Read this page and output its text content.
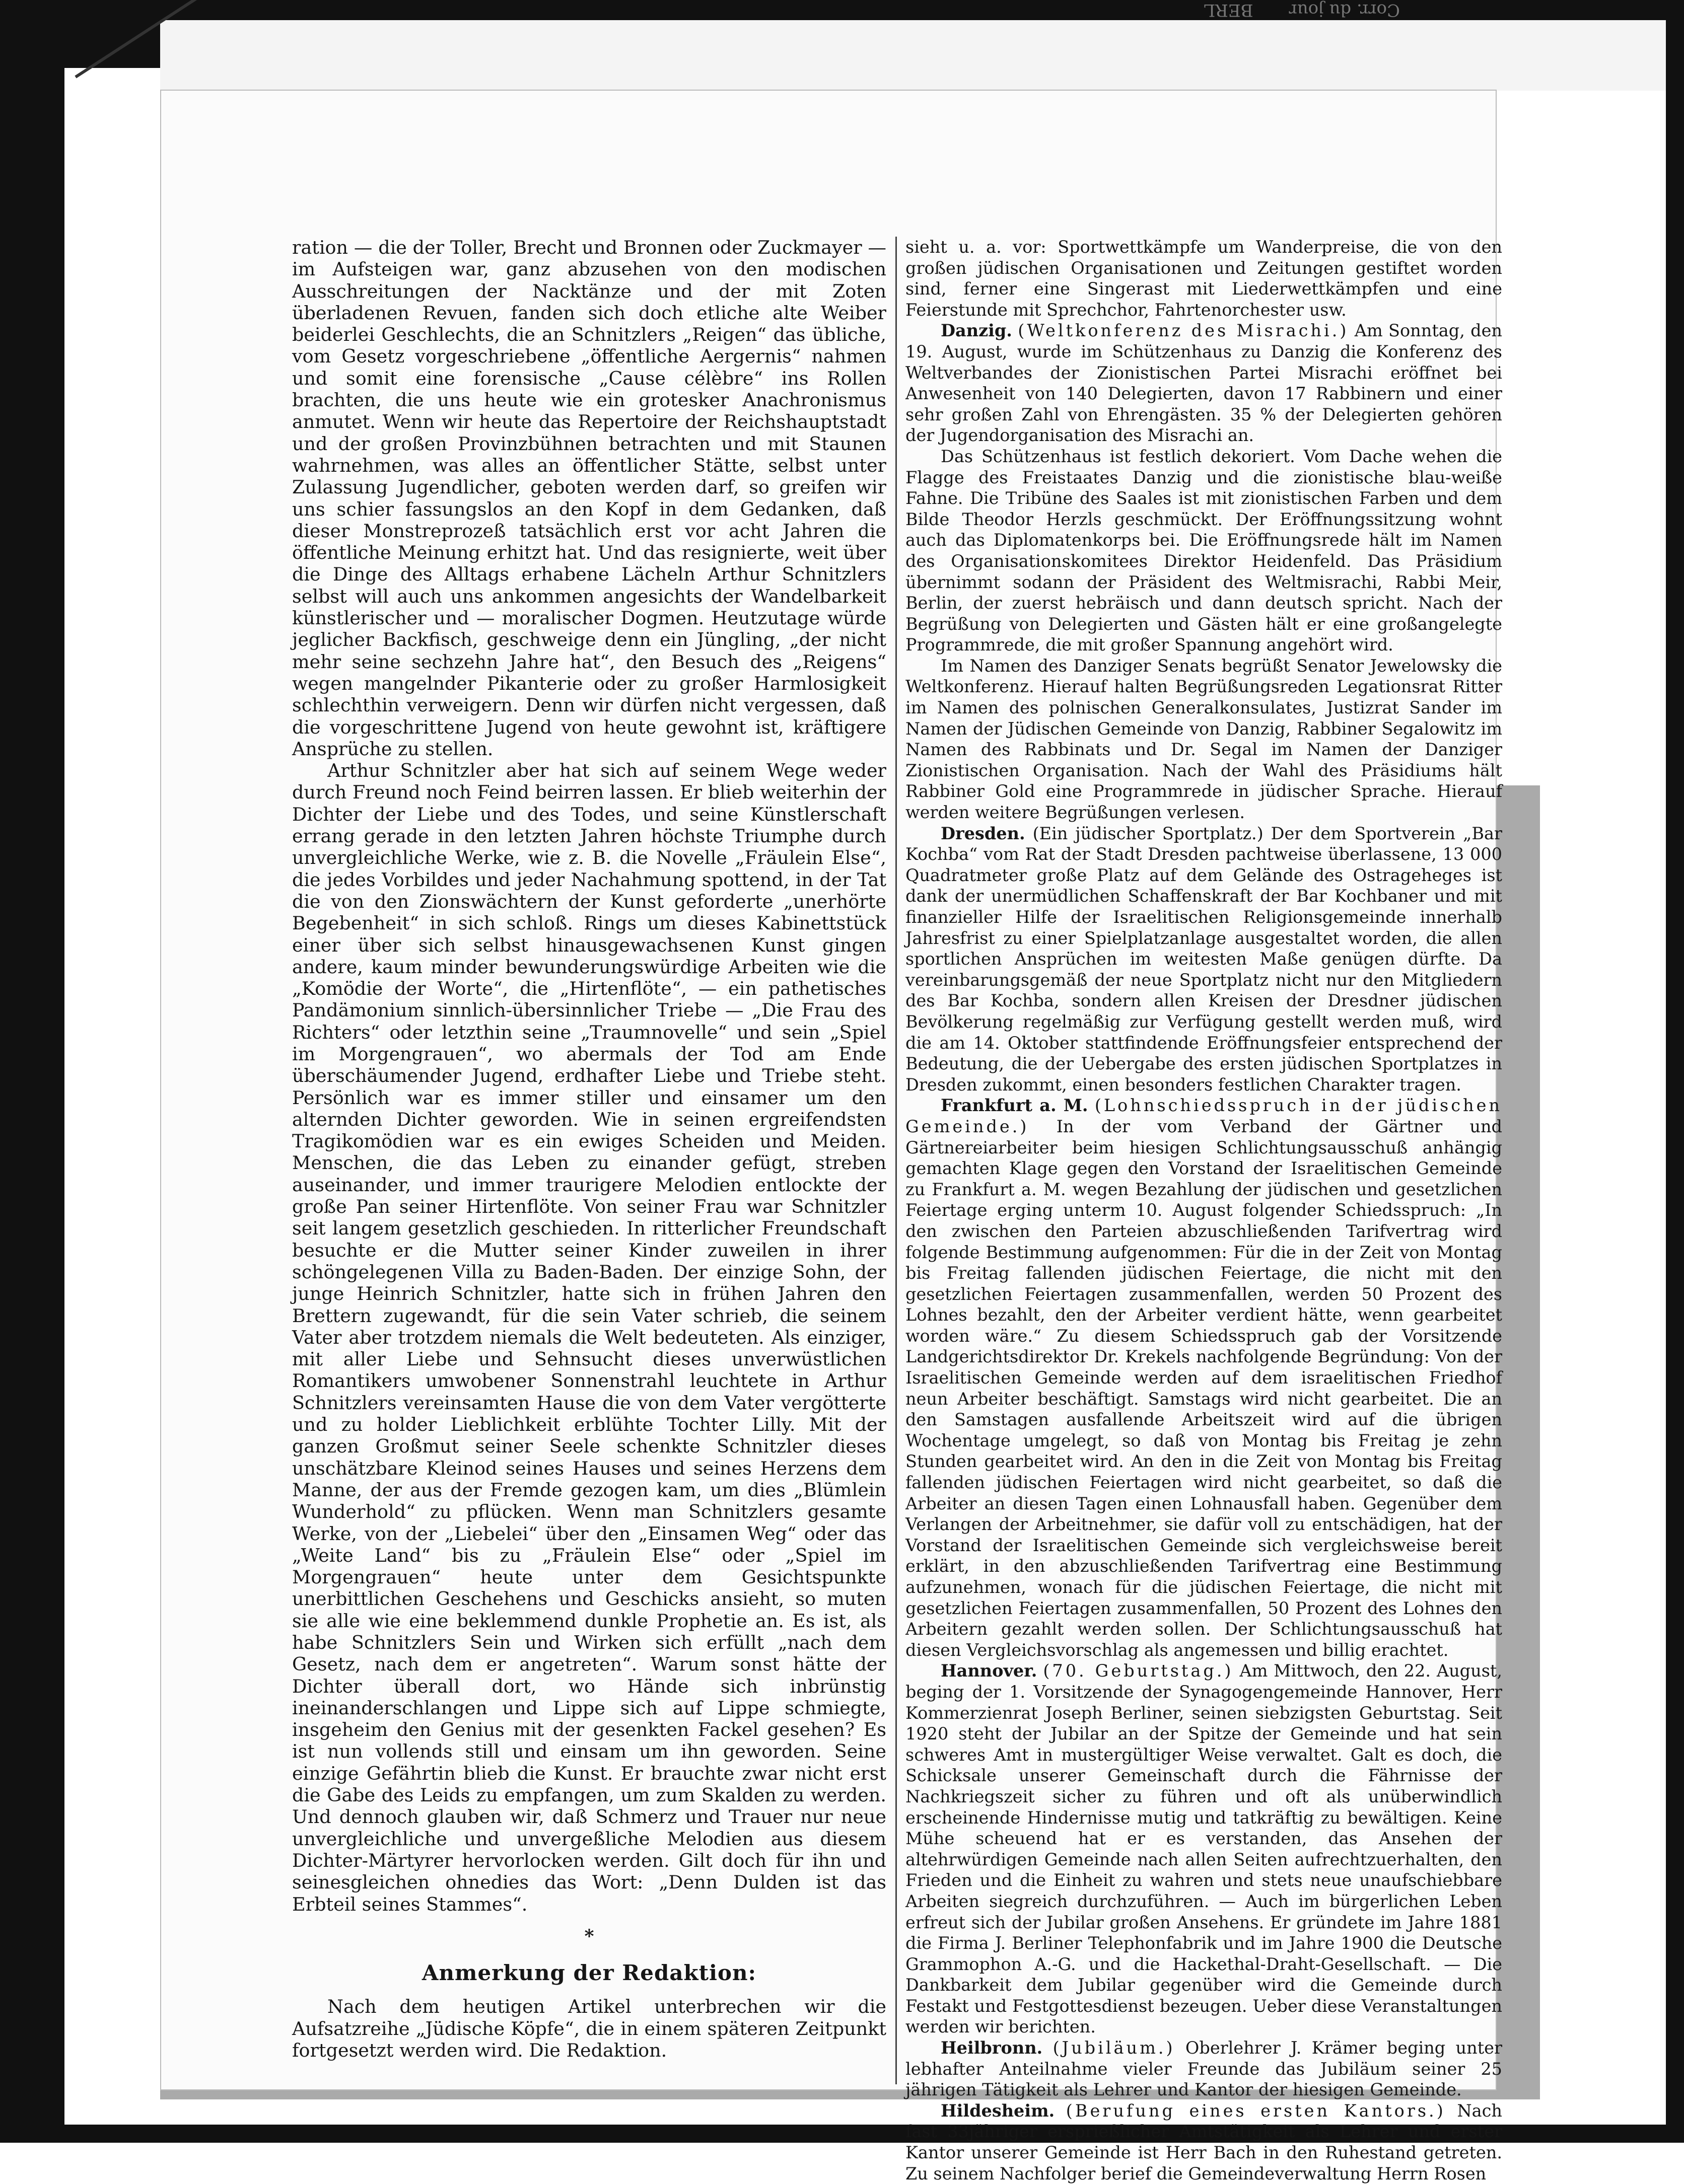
Corr. du jour BERL

ration — die der Toller, Brecht und Bronnen oder Zuckmayer — im Aufsteigen war, ganz abzusehen von den modischen Ausschreitungen der Nacktänze und der mit Zoten überladenen Revuen, fanden sich doch etliche alte Weiber beiderlei Geschlechts, die an Schnitzlers „Reigen“ das übliche, vom Gesetz vorgeschriebene „öffentliche Aergernis“ nahmen und somit eine forensische „Cause célèbre“ ins Rollen brachten, die uns heute wie ein grotesker Anachronismus anmutet. Wenn wir heute das Repertoire der Reichshauptstadt und der großen Provinzbühnen betrachten und mit Staunen wahrnehmen, was alles an öffentlicher Stätte, selbst unter Zulassung Jugendlicher, geboten werden darf, so greifen wir uns schier fassungslos an den Kopf in dem Gedanken, daß dieser Monstreprozeß tatsächlich erst vor acht Jahren die öffentliche Meinung erhitzt hat. Und das resignierte, weit über die Dinge des Alltags erhabene Lächeln Arthur Schnitzlers selbst will auch uns ankommen angesichts der Wandelbarkeit künstlerischer und — moralischer Dogmen. Heutzutage würde jeglicher Backfisch, geschweige denn ein Jüngling, „der nicht mehr seine sechzehn Jahre hat“, den Besuch des „Reigens“ wegen mangelnder Pikanterie oder zu großer Harmlosigkeit schlechthin verweigern. Denn wir dürfen nicht vergessen, daß die vorgeschrittene Jugend von heute gewohnt ist, kräftigere Ansprüche zu stellen.

Arthur Schnitzler aber hat sich auf seinem Wege weder durch Freund noch Feind beirren lassen. Er blieb weiterhin der Dichter der Liebe und des Todes, und seine Künstlerschaft errang gerade in den letzten Jahren höchste Triumphe durch unvergleichliche Werke, wie z. B. die Novelle „Fräulein Else“, die jedes Vorbildes und jeder Nachahmung spottend, in der Tat die von den Zionswächtern der Kunst geforderte „unerhörte Begebenheit“ in sich schloß. Rings um dieses Kabinettstück einer über sich selbst hinausgewachsenen Kunst gingen andere, kaum minder bewunderungswürdige Arbeiten wie die „Komödie der Worte“, die „Hirtenflöte“, — ein pathetisches Pandämonium sinnlich-übersinnlicher Triebe — „Die Frau des Richters“ oder letzthin seine „Traumnovelle“ und sein „Spiel im Morgengrauen“, wo abermals der Tod am Ende überschäumender Jugend, erdhafter Liebe und Triebe steht. Persönlich war es immer stiller und einsamer um den alternden Dichter geworden. Wie in seinen ergreifendsten Tragikomödien war es ein ewiges Scheiden und Meiden. Menschen, die das Leben zu einander gefügt, streben auseinander, und immer traurigere Melodien entlockte der große Pan seiner Hirtenflöte. Von seiner Frau war Schnitzler seit langem gesetzlich geschieden. In ritterlicher Freundschaft besuchte er die Mutter seiner Kinder zuweilen in ihrer schöngelegenen Villa zu Baden-Baden. Der einzige Sohn, der junge Heinrich Schnitzler, hatte sich in frühen Jahren den Brettern zugewandt, für die sein Vater schrieb, die seinem Vater aber trotzdem niemals die Welt bedeuteten. Als einziger, mit aller Liebe und Sehnsucht dieses unverwüstlichen Romantikers umwobener Sonnenstrahl leuchtete in Arthur Schnitzlers vereinsamten Hause die von dem Vater vergötterte und zu holder Lieblichkeit erblühte Tochter Lilly. Mit der ganzen Großmut seiner Seele schenkte Schnitzler dieses unschätzbare Kleinod seines Hauses und seines Herzens dem Manne, der aus der Fremde gezogen kam, um dies „Blümlein Wunderhold“ zu pflücken. Wenn man Schnitzlers gesamte Werke, von der „Liebelei“ über den „Einsamen Weg“ oder das „Weite Land“ bis zu „Fräulein Else“ oder „Spiel im Morgengrauen“ heute unter dem Gesichtspunkte unerbittlichen Geschehens und Geschicks ansieht, so muten sie alle wie eine beklemmend dunkle Prophetie an. Es ist, als habe Schnitzlers Sein und Wirken sich erfüllt „nach dem Gesetz, nach dem er angetreten“. Warum sonst hätte der Dichter überall dort, wo Hände sich inbrünstig ineinanderschlangen und Lippe sich auf Lippe schmiegte, insgeheim den Genius mit der gesenkten Fackel gesehen? Es ist nun vollends still und einsam um ihn geworden. Seine einzige Gefährtin blieb die Kunst. Er brauchte zwar nicht erst die Gabe des Leids zu empfangen, um zum Skalden zu werden. Und dennoch glauben wir, daß Schmerz und Trauer nur neue unvergleichliche und unvergeßliche Melodien aus diesem Dichter-Märtyrer hervorlocken werden. Gilt doch für ihn und seinesgleichen ohnedies das Wort: „Denn Dulden ist das Erbteil seines Stammes“.

*
Anmerkung der Redaktion:

Nach dem heutigen Artikel unterbrechen wir die Aufsatzreihe „Jüdische Köpfe“, die in einem späteren Zeitpunkt fortgesetzt werden wird. Die Redaktion.

sieht u. a. vor: Sportwettkämpfe um Wanderpreise, die von den großen jüdischen Organisationen und Zeitungen gestiftet worden sind, ferner eine Singerast mit Liederwettkämpfen und eine Feierstunde mit Sprechchor, Fahrtenorchester usw.

Danzig. (Weltkonferenz des Misrachi.) Am Sonntag, den 19. August, wurde im Schützenhaus zu Danzig die Konferenz des Weltverbandes der Zionistischen Partei Misrachi eröffnet bei Anwesenheit von 140 Delegierten, davon 17 Rabbinern und einer sehr großen Zahl von Ehrengästen. 35 % der Delegierten gehören der Jugendorganisation des Misrachi an.

Das Schützenhaus ist festlich dekoriert. Vom Dache wehen die Flagge des Freistaates Danzig und die zionistische blau-weiße Fahne. Die Tribüne des Saales ist mit zionistischen Farben und dem Bilde Theodor Herzls geschmückt. Der Eröffnungssitzung wohnt auch das Diplomatenkorps bei. Die Eröffnungsrede hält im Namen des Organisationskomitees Direktor Heidenfeld. Das Präsidium übernimmt sodann der Präsident des Weltmisrachi, Rabbi Meir, Berlin, der zuerst hebräisch und dann deutsch spricht. Nach der Begrüßung von Delegierten und Gästen hält er eine großangelegte Programmrede, die mit großer Spannung angehört wird.

Im Namen des Danziger Senats begrüßt Senator Jewelowsky die Weltkonferenz. Hierauf halten Begrüßungsreden Legationsrat Ritter im Namen des polnischen Generalkonsulates, Justizrat Sander im Namen der Jüdischen Gemeinde von Danzig, Rabbiner Segalowitz im Namen des Rabbinats und Dr. Segal im Namen der Danziger Zionistischen Organisation. Nach der Wahl des Präsidiums hält Rabbiner Gold eine Programmrede in jüdischer Sprache. Hierauf werden weitere Begrüßungen verlesen.

Dresden. (Ein jüdischer Sportplatz.) Der dem Sportverein „Bar Kochba“ vom Rat der Stadt Dresden pachtweise überlassene, 13 000 Quadratmeter große Platz auf dem Gelände des Ostrageheges ist dank der unermüdlichen Schaffenskraft der Bar Kochbaner und mit finanzieller Hilfe der Israelitischen Religionsgemeinde innerhalb Jahresfrist zu einer Spielplatzanlage ausgestaltet worden, die allen sportlichen Ansprüchen im weitesten Maße genügen dürfte. Da vereinbarungsgemäß der neue Sportplatz nicht nur den Mitgliedern des Bar Kochba, sondern allen Kreisen der Dresdner jüdischen Bevölkerung regelmäßig zur Verfügung gestellt werden muß, wird die am 14. Oktober stattfindende Eröffnungsfeier entsprechend der Bedeutung, die der Uebergabe des ersten jüdischen Sportplatzes in Dresden zukommt, einen besonders festlichen Charakter tragen.

Frankfurt a. M. (Lohnschiedsspruch in der jüdischen Gemeinde.) In der vom Verband der Gärtner und Gärtnereiarbeiter beim hiesigen Schlichtungsausschuß anhängig gemachten Klage gegen den Vorstand der Israelitischen Gemeinde zu Frankfurt a. M. wegen Bezahlung der jüdischen und gesetzlichen Feiertage erging unterm 10. August folgender Schiedsspruch: „In den zwischen den Parteien abzuschließenden Tarifvertrag wird folgende Bestimmung aufgenommen: Für die in der Zeit von Montag bis Freitag fallenden jüdischen Feiertage, die nicht mit den gesetzlichen Feiertagen zusammenfallen, werden 50 Prozent des Lohnes bezahlt, den der Arbeiter verdient hätte, wenn gearbeitet worden wäre.“ Zu diesem Schiedsspruch gab der Vorsitzende Landgerichtsdirektor Dr. Krekels nachfolgende Begründung: Von der Israelitischen Gemeinde werden auf dem israelitischen Friedhof neun Arbeiter beschäftigt. Samstags wird nicht gearbeitet. Die an den Samstagen ausfallende Arbeitszeit wird auf die übrigen Wochentage umgelegt, so daß von Montag bis Freitag je zehn Stunden gearbeitet wird. An den in die Zeit von Montag bis Freitag fallenden jüdischen Feiertagen wird nicht gearbeitet, so daß die Arbeiter an diesen Tagen einen Lohnausfall haben. Gegenüber dem Verlangen der Arbeitnehmer, sie dafür voll zu entschädigen, hat der Vorstand der Israelitischen Gemeinde sich vergleichsweise bereit erklärt, in den abzuschließenden Tarifvertrag eine Bestimmung aufzunehmen, wonach für die jüdischen Feiertage, die nicht mit gesetzlichen Feiertagen zusammenfallen, 50 Prozent des Lohnes den Arbeitern gezahlt werden sollen. Der Schlichtungsausschuß hat diesen Vergleichsvorschlag als angemessen und billig erachtet.

Hannover. (70. Geburtstag.) Am Mittwoch, den 22. August, beging der 1. Vorsitzende der Synagogengemeinde Hannover, Herr Kommerzienrat Joseph Berliner, seinen siebzigsten Geburtstag. Seit 1920 steht der Jubilar an der Spitze der Gemeinde und hat sein schweres Amt in mustergültiger Weise verwaltet. Galt es doch, die Schicksale unserer Gemeinschaft durch die Fährnisse der Nachkriegszeit sicher zu führen und oft als unüberwindlich erscheinende Hindernisse mutig und tatkräftig zu bewältigen. Keine Mühe scheuend hat er es verstanden, das Ansehen der altehrwürdigen Gemeinde nach allen Seiten aufrechtzuerhalten, den Frieden und die Einheit zu wahren und stets neue unaufschiebbare Arbeiten siegreich durchzuführen. — Auch im bürgerlichen Leben erfreut sich der Jubilar großen Ansehens. Er gründete im Jahre 1881 die Firma J. Berliner Telephonfabrik und im Jahre 1900 die Deutsche Grammophon A.-G. und die Hackethal-Draht-Gesellschaft. — Die Dankbarkeit dem Jubilar gegenüber wird die Gemeinde durch Festakt und Festgottesdienst bezeugen. Ueber diese Veranstaltungen werden wir berichten.

Heilbronn. (Jubiläum.) Oberlehrer J. Krämer beging unter lebhafter Anteilnahme vieler Freunde das Jubiläum seiner 25 jährigen Tätigkeit als Lehrer und Kantor der hiesigen Gemeinde.

Hildesheim. (Berufung eines ersten Kantors.) Nach fast 33jähriger ersprießlicher Amtstätigkeit als Lehrer und erster Kantor unserer Gemeinde ist Herr Bach in den Ruhestand getreten. Zu seinem Nachfolger berief die Gemeindeverwaltung Herrn Rosen
